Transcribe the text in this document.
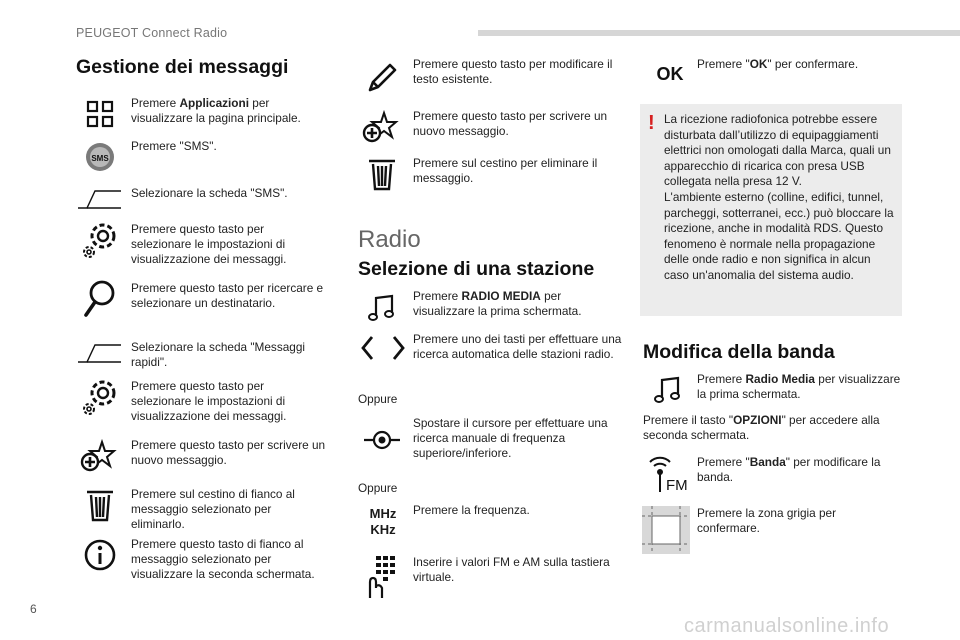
PEUGEOT Connect Radio
Gestione dei messaggi
Premere Applicazioni per visualizzare la pagina principale.
SMS
Premere "SMS".
Selezionare la scheda "SMS".
Premere questo tasto per selezionare le impostazioni di visualizzazione dei messaggi.
Premere questo tasto per ricercare e selezionare un destinatario.
Selezionare la scheda "Messaggi rapidi".
Premere questo tasto per selezionare le impostazioni di visualizzazione dei messaggi.
Premere questo tasto per scrivere un nuovo messaggio.
Premere sul cestino di fianco al messaggio selezionato per eliminarlo.
Premere questo tasto di fianco al messaggio selezionato per visualizzare la seconda schermata.
Premere questo tasto per modificare il testo esistente.
Premere questo tasto per scrivere un nuovo messaggio.
Premere sul cestino per eliminare il messaggio.
Radio
Selezione di una stazione
Premere RADIO MEDIA per visualizzare la prima schermata.
Premere uno dei tasti per effettuare una ricerca automatica delle stazioni radio.
Oppure
Spostare il cursore per effettuare una ricerca manuale di frequenza superiore/inferiore.
Oppure
MHz
KHz
Premere la frequenza.
Inserire i valori FM e AM sulla tastiera virtuale.
OK Premere "OK" per confermare.
! La ricezione radiofonica potrebbe essere disturbata dall’utilizzo di equipaggiamenti elettrici non omologati dalla Marca, quali un apparecchio di ricarica con presa USB collegata nella presa 12 V.
L'ambiente esterno (colline, edifici, tunnel, parcheggi, sotterranei, ecc.) può bloccare la ricezione, anche in modalità RDS. Questo fenomeno è normale nella propagazione delle onde radio e non significa in alcun caso un'anomalia del sistema audio.
Modifica della banda
Premere Radio Media per visualizzare la prima schermata.
Premere il tasto "OPZIONI" per accedere alla seconda schermata.
FM
Premere "Banda" per modificare la banda.
Premere la zona grigia per confermare.
6
carmanualsonline.info
